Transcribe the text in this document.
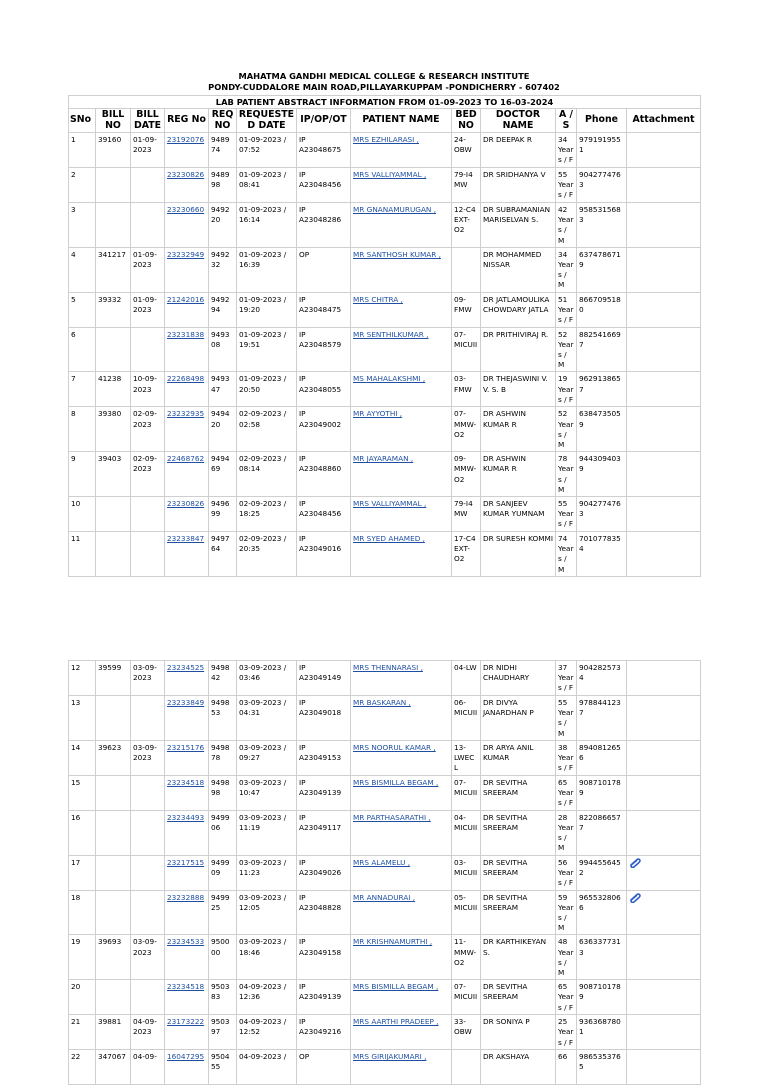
MAHATMA GANDHI MEDICAL COLLEGE & RESEARCH INSTITUTE
PONDY-CUDDALORE MAIN ROAD,PILLAYARKUPPAM -PONDICHERRY - 607402
LAB PATIENT ABSTRACT INFORMATION FROM 01-09-2023 TO 16-03-2024												
SNo	BILL NO	BILL DATE	REG No	REQ NO	REQUESTED DATE	IP/OP/OT	PATIENT NAME	BED NO	DOCTOR NAME	A / S	Phone	Attachment
1	39160	01-09-2023	23192076	948974	01-09-2023 / 07:52	IP A23048675	MRS EZHILARASI ,	24-OBW	DR DEEPAK R	34 Years / F	9791919551	
2			23230826	948998	01-09-2023 / 08:41	IP A23048456	MRS VALLIYAMMAL ,	79-I4 MW	DR SRIDHANYA V	55 Years / F	9042774763	
3			23230660	949220	01-09-2023 / 16:14	IP A23048286	MR GNANAMURUGAN ,	12-C4 EXT-O2	DR SUBRAMANIAN MARISELVAN S.	42 Years / M	9585315683	
4	341217	01-09-2023	23232949	949232	01-09-2023 / 16:39	OP	MR SANTHOSH KUMAR ,		DR MOHAMMED NISSAR	34 Years / M	6374786719	
5	39332	01-09-2023	21242016	949294	01-09-2023 / 19:20	IP A23048475	MRS CHITRA ,	09-FMW	DR JATLAMOULIKA CHOWDARY JATLA	51 Years / F	8667095180	
6			23231838	949308	01-09-2023 / 19:51	IP A23048579	MR SENTHILKUMAR ,	07-MICUII	DR PRITHIVIRAJ R.	52 Years / M	8825416697	
7	41238	10-09-2023	22268498	949347	01-09-2023 / 20:50	IP A23048055	MS MAHALAKSHMI ,	03-FMW	DR THEJASWINI V. V. S. B	19 Years / F	9629138657	
8	39380	02-09-2023	23232935	949420	02-09-2023 / 02:58	IP A23049002	MR AYYOTHI ,	07-MMW-O2	DR ASHWIN KUMAR R	52 Years / M	6384735059	
9	39403	02-09-2023	22468762	949469	02-09-2023 / 08:14	IP A23048860	MR JAYARAMAN ,	09-MMW-O2	DR ASHWIN KUMAR R	78 Years / M	9443094039	
10			23230826	949699	02-09-2023 / 18:25	IP A23048456	MRS VALLIYAMMAL ,	79-I4 MW	DR SANJEEV KUMAR YUMNAM	55 Years / F	9042774763	
11			23233847	949764	02-09-2023 / 20:35	IP A23049016	MR SYED AHAMED ,	17-C4 EXT-O2	DR SURESH KOMMI	74 Years / M	7010778354	
12	39599	03-09-2023	23234525	949842	03-09-2023 / 03:46	IP A23049149	MRS THENNARASI ,	04-LW	DR NIDHI CHAUDHARY	37 Years / F	9042825734	
13			23233849	949853	03-09-2023 / 04:31	IP A23049018	MR BASKARAN ,	06-MICUII	DR DIVYA JANARDHAN P	55 Years / M	9788441237	
14	39623	03-09-2023	23215176	949878	03-09-2023 / 09:27	IP A23049153	MRS NOORUL KAMAR ,	13-LWECL	DR ARYA ANIL KUMAR	38 Years / F	8940812656	
15			23234518	949898	03-09-2023 / 10:47	IP A23049139	MRS BISMILLA BEGAM ,	07-MICUII	DR SEVITHA SREERAM	65 Years / F	9087101789	
16			23234493	949906	03-09-2023 / 11:19	IP A23049117	MR PARTHASARATHI ,	04-MICUII	DR SEVITHA SREERAM	28 Years / M	8220866577	
17			23217515	949909	03-09-2023 / 11:23	IP A23049026	MRS ALAMELU ,	03-MICUII	DR SEVITHA SREERAM	56 Years / F	9944556452	
18			23232888	949925	03-09-2023 / 12:05	IP A23048828	MR ANNADURAI ,	05-MICUII	DR SEVITHA SREERAM	59 Years / M	9655328066	
19	39693	03-09-2023	23234533	950000	03-09-2023 / 18:46	IP A23049158	MR KRISHNAMURTHI ,	11-MMW-O2	DR KARTHIKEYAN S.	48 Years / M	6363377313	
20			23234518	950383	04-09-2023 / 12:36	IP A23049139	MRS BISMILLA BEGAM ,	07-MICUII	DR SEVITHA SREERAM	65 Years / F	9087101789	
21	39881	04-09-2023	23173222	950397	04-09-2023 / 12:52	IP A23049216	MRS AARTHI PRADEEP ,	33-OBW	DR SONIYA P	25 Years / F	9363687801	
22	347067	04-09-	16047295	950455	04-09-2023 /	OP	MRS GIRIJAKUMARI ,		DR AKSHAYA	66	9865353765	
